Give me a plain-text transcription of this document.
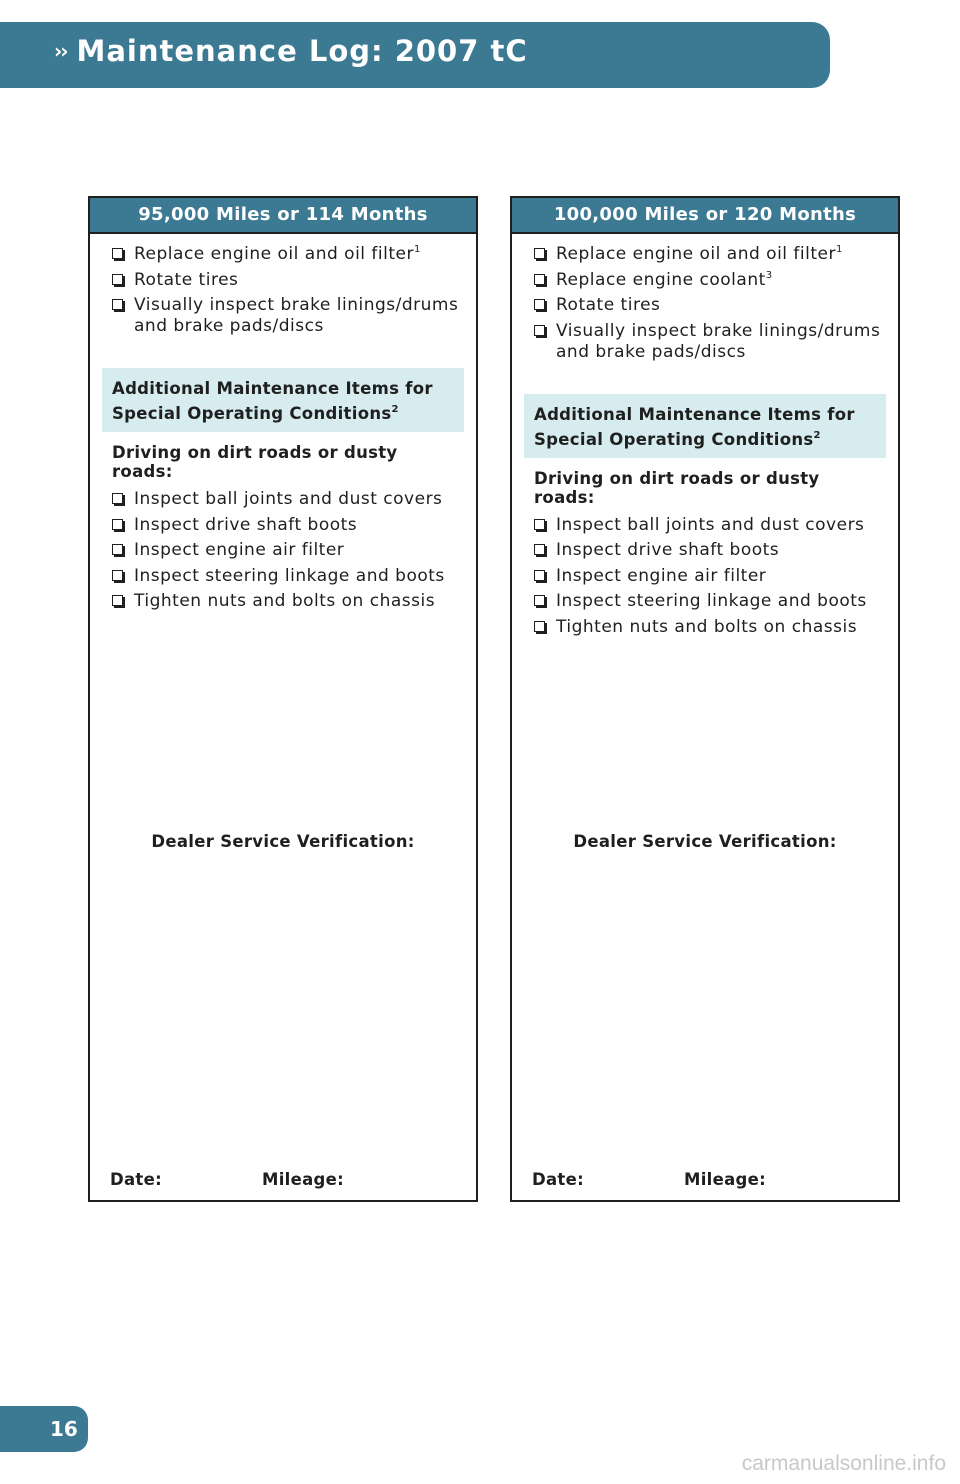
›› Maintenance Log: 2007 tC
95,000 Miles or 114 Months
Replace engine oil and oil filter$^1$
Rotate tires
Visually inspect brake linings/drums and brake pads/discs
Additional Maintenance Items for Special Operating Conditions$^2$
Driving on dirt roads or dusty roads:
Inspect ball joints and dust covers
Inspect drive shaft boots
Inspect engine air filter
Inspect steering linkage and boots
Tighten nuts and bolts on chassis
Dealer Service Verification:
Date:	Mileage:
100,000 Miles or 120 Months
Replace engine oil and oil filter$^1$
Replace engine coolant$^3$
Rotate tires
Visually inspect brake linings/drums and brake pads/discs
Additional Maintenance Items for Special Operating Conditions$^2$
Driving on dirt roads or dusty roads:
Inspect ball joints and dust covers
Inspect drive shaft boots
Inspect engine air filter
Inspect steering linkage and boots
Tighten nuts and bolts on chassis
Dealer Service Verification:
Date:	Mileage:
16
carmanualsonline.info
